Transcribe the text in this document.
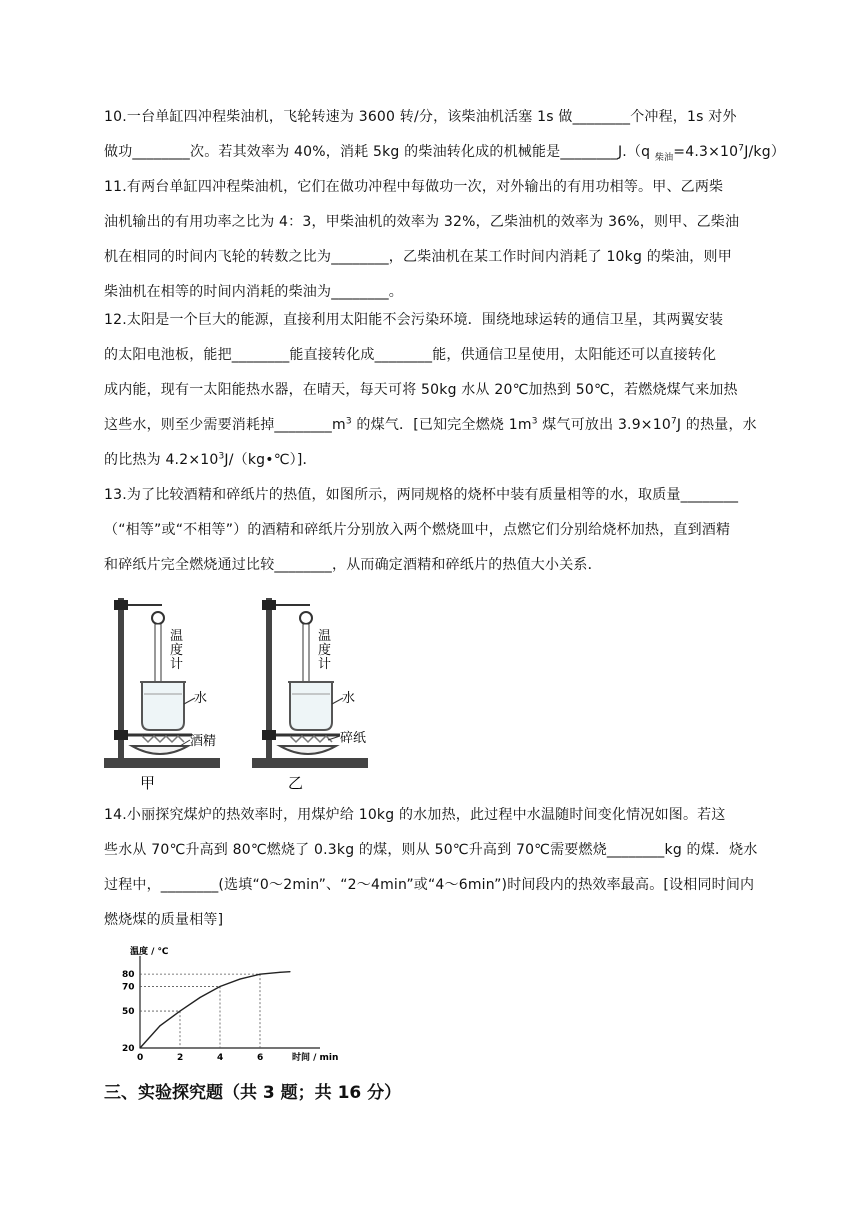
10.一台单缸四冲程柴油机，飞轮转速为 3600 转/分，该柴油机活塞 1s 做________个冲程，1s 对外

做功________次。若其效率为 40%，消耗 5kg 的柴油转化成的机械能是________J.（q $_{柴油}=4.3\times 10^7J/kg$）

11.有两台单缸四冲程柴油机，它们在做功冲程中每做功一次，对外输出的有用功相等。甲、乙两柴

油机输出的有用功率之比为 4：3，甲柴油机的效率为 32%，乙柴油机的效率为 36%，则甲、乙柴油

机在相同的时间内飞轮的转数之比为________，乙柴油机在某工作时间内消耗了 10kg 的柴油，则甲

柴油机在相等的时间内消耗的柴油为________。

12.太阳是一个巨大的能源，直接利用太阳能不会污染环境．围绕地球运转的通信卫星，其两翼安装

的太阳电池板，能把________能直接转化成________能，供通信卫星使用，太阳能还可以直接转化

成内能，现有一太阳能热水器，在晴天，每天可将 50kg 水从 20℃加热到 50℃，若燃烧煤气来加热

这些水，则至少需要消耗掉$\_\_\_\_\_\_\_\_m^3$ 的煤气．[已知完全燃烧 $1m^3$ 煤气可放出 $3.9\times 10^7J$ 的热量，水

的比热为 $4.2\times 10^3J/(kg•℃)$]．

13.为了比较酒精和碎纸片的热值，如图所示，两同规格的烧杯中装有质量相等的水，取质量________

（“相等”或“不相等”）的酒精和碎纸片分别放入两个燃烧皿中，点燃它们分别给烧杯加热，直到酒精

和碎纸片完全燃烧通过比较________，从而确定酒精和碎纸片的热值大小关系．

温
度
计
水
酒精
甲
温
度
计
水
碎纸
乙

14.小丽探究煤炉的热效率时，用煤炉给 10kg 的水加热，此过程中水温随时间变化情况如图。若这

些水从 70℃升高到 80℃燃烧了 0.3kg 的煤，则从 50℃升高到 70℃需要燃烧________kg 的煤．烧水

过程中，________(选填“0～2min”、“2～4min”或“4～6min”)时间段内的热效率最高。[设相同时间内

燃烧煤的质量相等]

温度 / ℃
时间 / min
0	2	4	6
20
50
70
80
三、实验探究题（共 3 题；共 16 分）
